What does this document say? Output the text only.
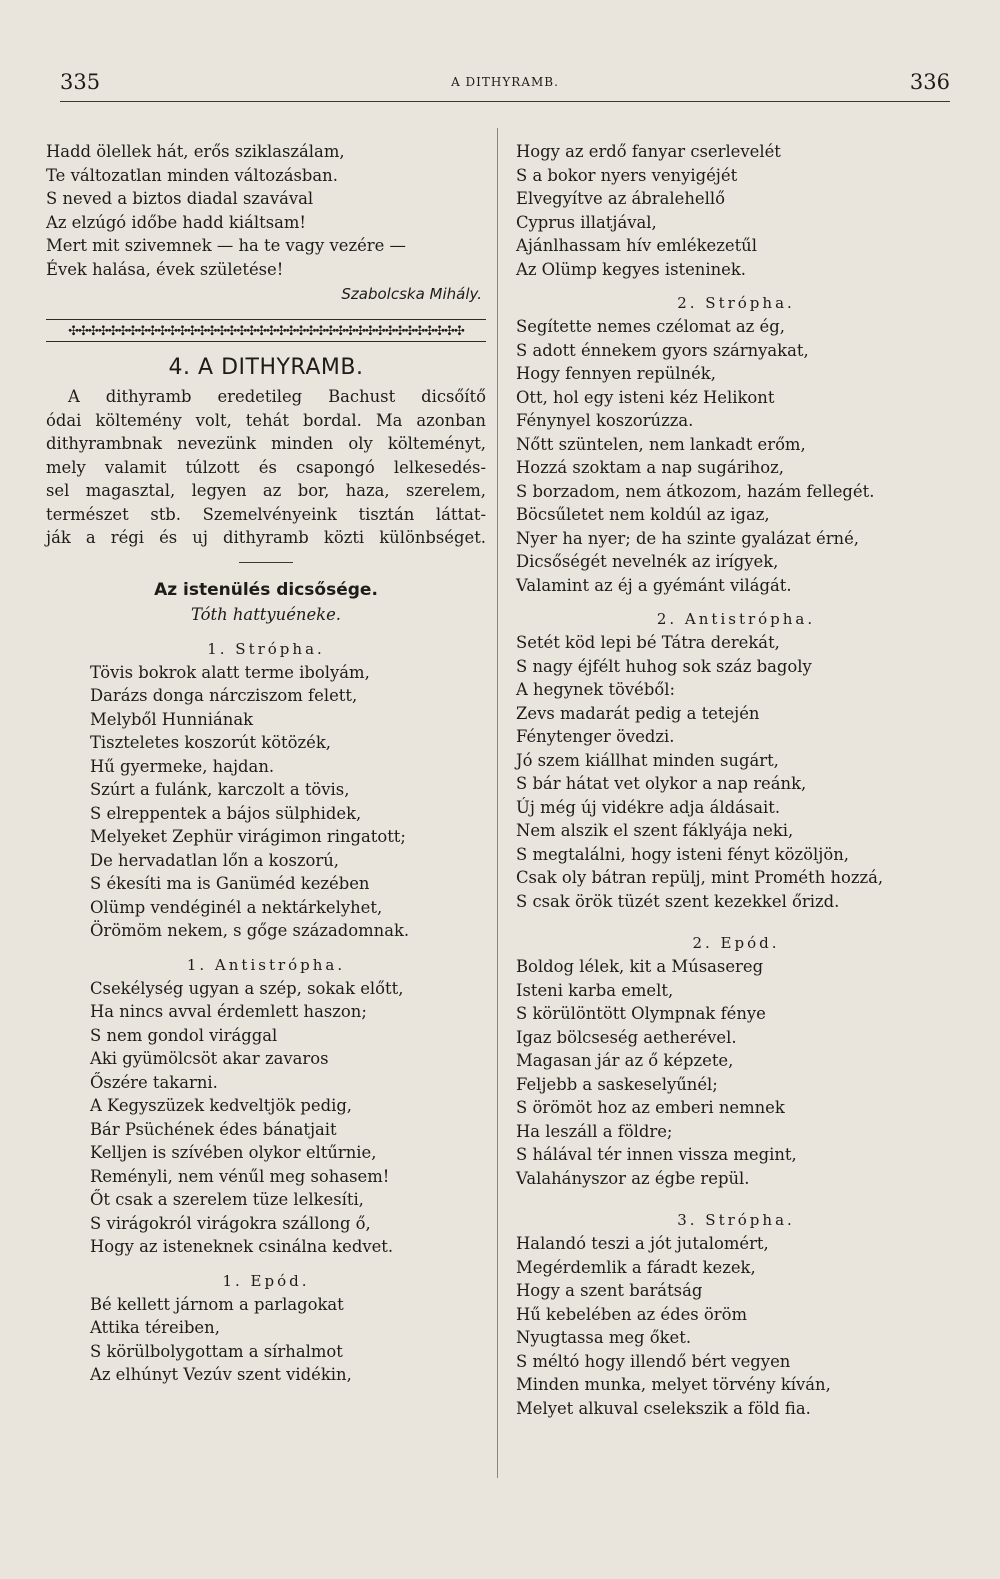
335	A DITHYRAMB.	336
Hadd ölellek hát, erős sziklaszálam,
Te változatlan minden változásban.
S neved a biztos diadal szavával
Az elzúgó időbe hadd kiáltsam!
Mert mit szivemnek — ha te vagy vezére —
Évek halása, évek születése!
Szabolcska Mihály.
✣✣✣✣✣✣✣✣✣✣✣✣✣✣✣✣✣✣✣✣✣✣✣✣✣✣✣✣✣✣✣✣✣✣✣✣✣✣✣✣
4. A DITHYRAMB.
A dithyramb eredetileg Bachust dicsőítő
ódai költemény volt, tehát bordal. Ma azonban
dithyrambnak nevezünk minden oly költeményt,
mely valamit túlzott és csapongó lelkesedés-
sel magasztal, legyen az bor, haza, szerelem,
természet stb. Szemelvényeink tisztán láttat-
ják a régi és uj dithyramb közti különbséget.
Az istenülés dicsősége.
Tóth hattyuéneke.
1. Strópha.
Tövis bokrok alatt terme ibolyám,
Darázs donga nárcziszom felett,
Melyből Hunniának
Tiszteletes koszorút kötözék,
Hű gyermeke, hajdan.
Szúrt a fulánk, karczolt a tövis,
S elreppentek a bájos sülphidek,
Melyeket Zephür virágimon ringatott;
De hervadatlan lőn a koszorú,
S ékesíti ma is Ganüméd kezében
Olümp vendéginél a nektárkelyhet,
Örömöm nekem, s gőge századomnak.
1. Antistrópha.
Csekélység ugyan a szép, sokak előtt,
Ha nincs avval érdemlett haszon;
S nem gondol virággal
Aki gyümölcsöt akar zavaros
Őszére takarni.
A Kegyszüzek kedveltjök pedig,
Bár Psüchének édes bánatjait
Kelljen is szívében olykor eltűrnie,
Reményli, nem vénűl meg sohasem!
Őt csak a szerelem tüze lelkesíti,
S virágokról virágokra szállong ő,
Hogy az isteneknek csinálna kedvet.
1. Epód.
Bé kellett járnom a parlagokat
Attika téreiben,
S körülbolygottam a sírhalmot
Az elhúnyt Vezúv szent vidékin,
Hogy az erdő fanyar cserlevelét
S a bokor nyers venyigéjét
Elvegyítve az ábralehellő
Cyprus illatjával,
Ajánlhassam hív emlékezetűl
Az Olümp kegyes isteninek.
2. Strópha.
Segítette nemes czélomat az ég,
S adott énnekem gyors szárnyakat,
Hogy fennyen repülnék,
Ott, hol egy isteni kéz Helikont
Fénynyel koszorúzza.
Nőtt szüntelen, nem lankadt erőm,
Hozzá szoktam a nap sugárihoz,
S borzadom, nem átkozom, hazám fellegét.
Böcsűletet nem koldúl az igaz,
Nyer ha nyer; de ha szinte gyalázat érné,
Dicsőségét nevelnék az irígyek,
Valamint az éj a gyémánt világát.
2. Antistrópha.
Setét köd lepi bé Tátra derekát,
S nagy éjfélt huhog sok száz bagoly
A hegynek tövéből:
Zevs madarát pedig a tetején
Fénytenger övedzi.
Jó szem kiállhat minden sugárt,
S bár hátat vet olykor a nap reánk,
Új még új vidékre adja áldásait.
Nem alszik el szent fáklyája neki,
S megtalálni, hogy isteni fényt közöljön,
Csak oly bátran repülj, mint Prométh hozzá,
S csak örök tüzét szent kezekkel őrizd.
2. Epód.
Boldog lélek, kit a Músasereg
Isteni karba emelt,
S körülöntött Olympnak fénye
Igaz bölcseség aetherével.
Magasan jár az ő képzete,
Feljebb a saskeselyűnél;
S örömöt hoz az emberi nemnek
Ha leszáll a földre;
S hálával tér innen vissza megint,
Valahányszor az égbe repül.
3. Strópha.
Halandó teszi a jót jutalomért,
Megérdemlik a fáradt kezek,
Hogy a szent barátság
Hű kebelében az édes öröm
Nyugtassa meg őket.
S méltó hogy illendő bért vegyen
Minden munka, melyet törvény kíván,
Melyet alkuval cselekszik a föld fia.
